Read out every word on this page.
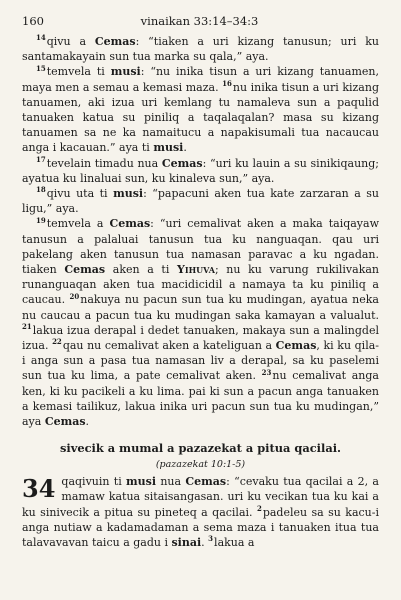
160	vinaikan 33:14–34:3

$^{14}$qivu a Cemas: “tiaken a uri kizang tanusun; uri ku santamakayain sun tua marka su qala,” aya.

$^{15}$temvela ti musi: “nu inika tisun a uri kizang tanuamen, maya men a semau a kemasi maza. $^{16}$nu inika tisun a uri kizang tanuamen, aki izua uri kemlang tu namaleva sun a paqulid tanuaken katua su piniliq a taqalaqalan? masa su kizang tanuamen sa ne ka namaitucu a napakisumali tua nacaucau anga i kacauan.” aya ti musi.

$^{17}$tevelain timadu nua Cemas: “uri ku lauin a su sinikiqaung; ayatua ku linaluai sun, ku kinaleva sun,” aya.

$^{18}$qivu uta ti musi: “papacuni aken tua kate zarzaran a su ligu,” aya.

$^{19}$temvela a Cemas: “uri cemalivat aken a maka taiqayaw tanusun a palaluai tanusun tua ku nanguaqan. qau uri pakelang aken tanusun tua namasan paravac a ku ngadan. tiaken Cemas aken a ti Yihuva; nu ku varung rukilivakan runanguaqan aken tua macidicidil a namaya ta ku piniliq a caucau. $^{20}$nakuya nu pacun sun tua ku mudingan, ayatua neka nu caucau a pacun tua ku mudingan saka kamayan a valualut. $^{21}$lakua izua derapal i dedet tanuaken, makaya sun a malingdel izua. $^{22}$qau nu cemalivat aken a kateliguan a Cemas, ki ku qila-i anga sun a pasa tua namasan liv a derapal, sa ku paselemi sun tua ku lima, a pate cemalivat aken. $^{23}$nu cemalivat anga ken, ki ku pacikeli a ku lima. pai ki sun a pacun anga tanuaken a kemasi tailikuz, lakua inika uri pacun sun tua ku mudingan,” aya Cemas.

sivecik a mumal a pazazekat a pitua qacilai.
(pazazekat 10:1-5)
34 qaqivuin ti musi nua Cemas: “cevaku tua qacilai a 2, a mamaw katua sitaisangasan. uri ku vecikan tua ku kai a ku sinivecik a pitua su pineteq a qacilai. $^2$padeleu sa su kacu-i anga nutiaw a kadamadaman a sema maza i tanuaken itua tua talavavavan taicu a gadu i sinai. $^3$lakua a
